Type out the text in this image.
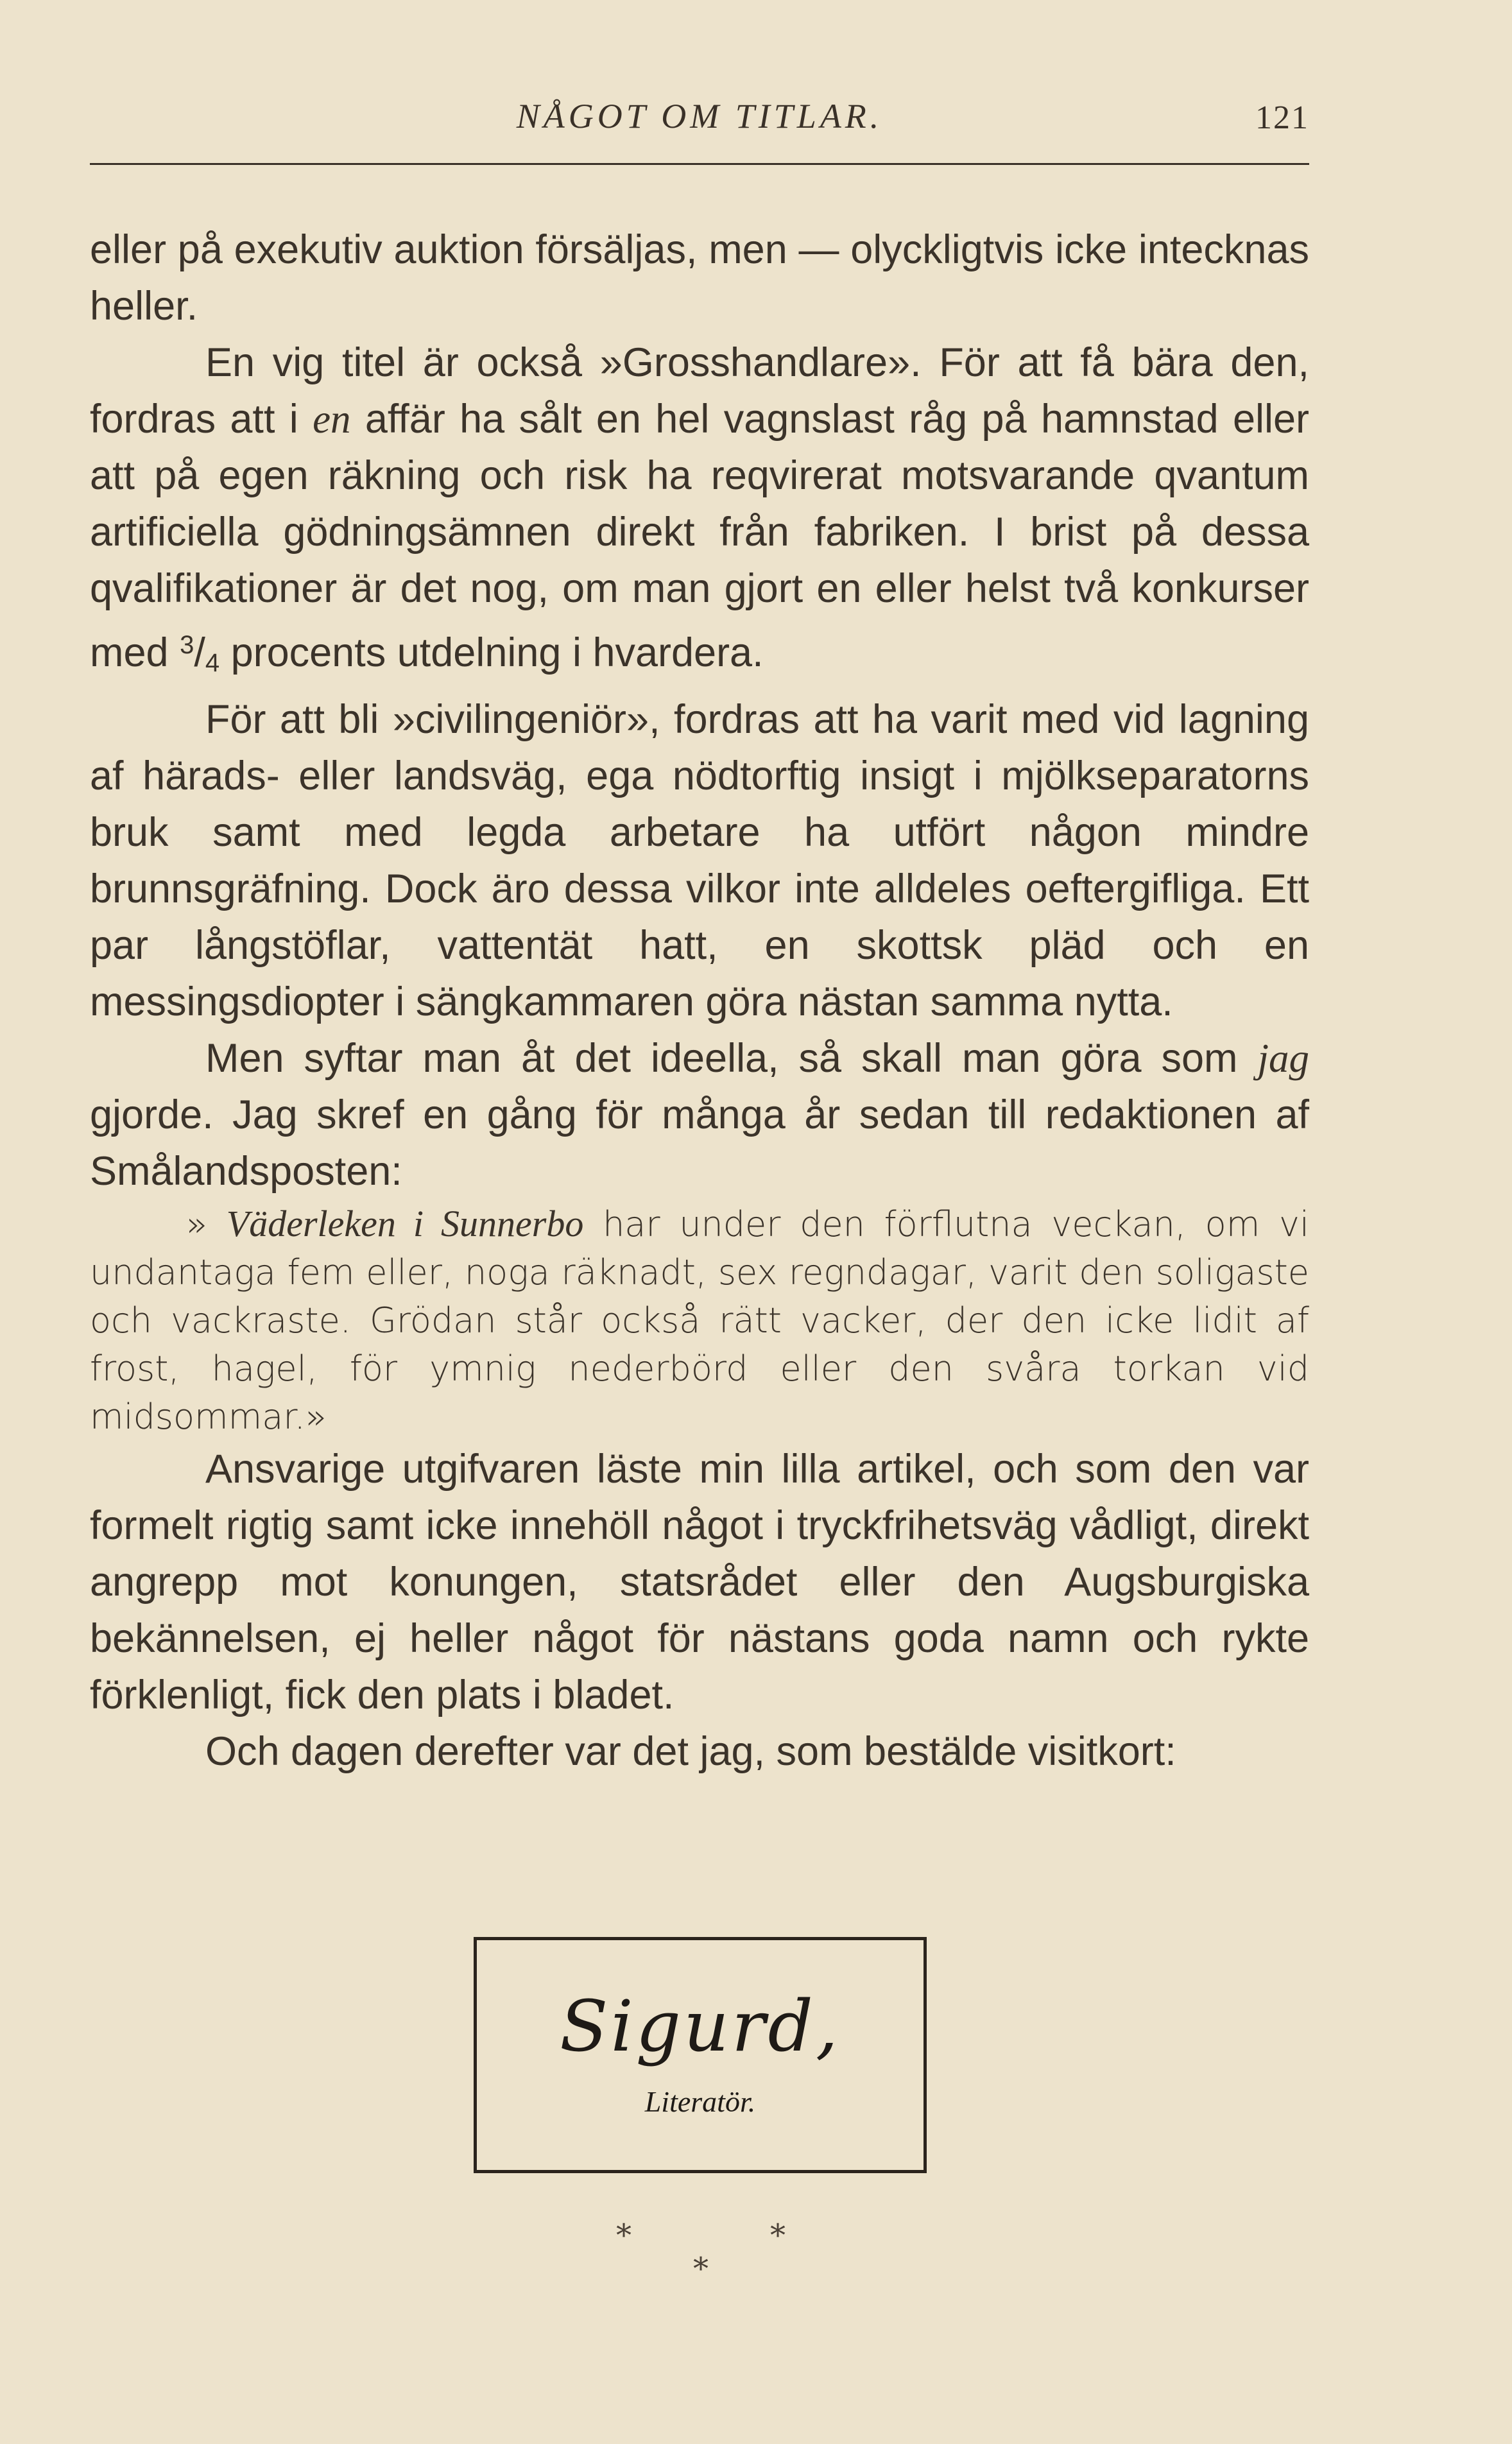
NÅGOT OM TITLAR.	121

eller på exekutiv auktion försäljas, men — olyckligtvis icke intecknas heller.

En vig titel är också »Grosshandlare». För att få bära den, fordras att i en affär ha sålt en hel vagnslast råg på hamnstad eller att på egen räkning och risk ha reqvirerat motsvarande qvantum artificiella gödningsämnen direkt från fabriken. I brist på dessa qvalifikationer är det nog, om man gjort en eller helst två konkurser med $^3$/4 procents utdelning i hvardera.

För att bli »civilingeniör», fordras att ha varit med vid lagning af härads- eller landsväg, ega nödtorftig insigt i mjölkseparatorns bruk samt med legda arbetare ha utfört någon mindre brunnsgräfning. Dock äro dessa vilkor inte alldeles oeftergifliga. Ett par långstöflar, vattentät hatt, en skottsk pläd och en messingsdiopter i sängkammaren göra nästan samma nytta.

Men syftar man åt det ideella, så skall man göra som jag gjorde. Jag skref en gång för många år sedan till redaktionen af Smålandsposten:

» Väderleken i Sunnerbo har under den förflutna veckan, om vi undantaga fem eller, noga räknadt, sex regndagar, varit den soligaste och vackraste. Grödan står också rätt vacker, der den icke lidit af frost, hagel, för ymnig nederbörd eller den svåra torkan vid midsommar.»

Ansvarige utgifvaren läste min lilla artikel, och som den var formelt rigtig samt icke innehöll något i tryckfrihetsväg vådligt, direkt angrepp mot konungen, statsrådet eller den Augsburgiska bekännelsen, ej heller något för nästans goda namn och rykte förklenligt, fick den plats i bladet.

Och dagen derefter var det jag, som bestälde visitkort:

Sigurd,
Literatör.
⁎	⁎
⁎
